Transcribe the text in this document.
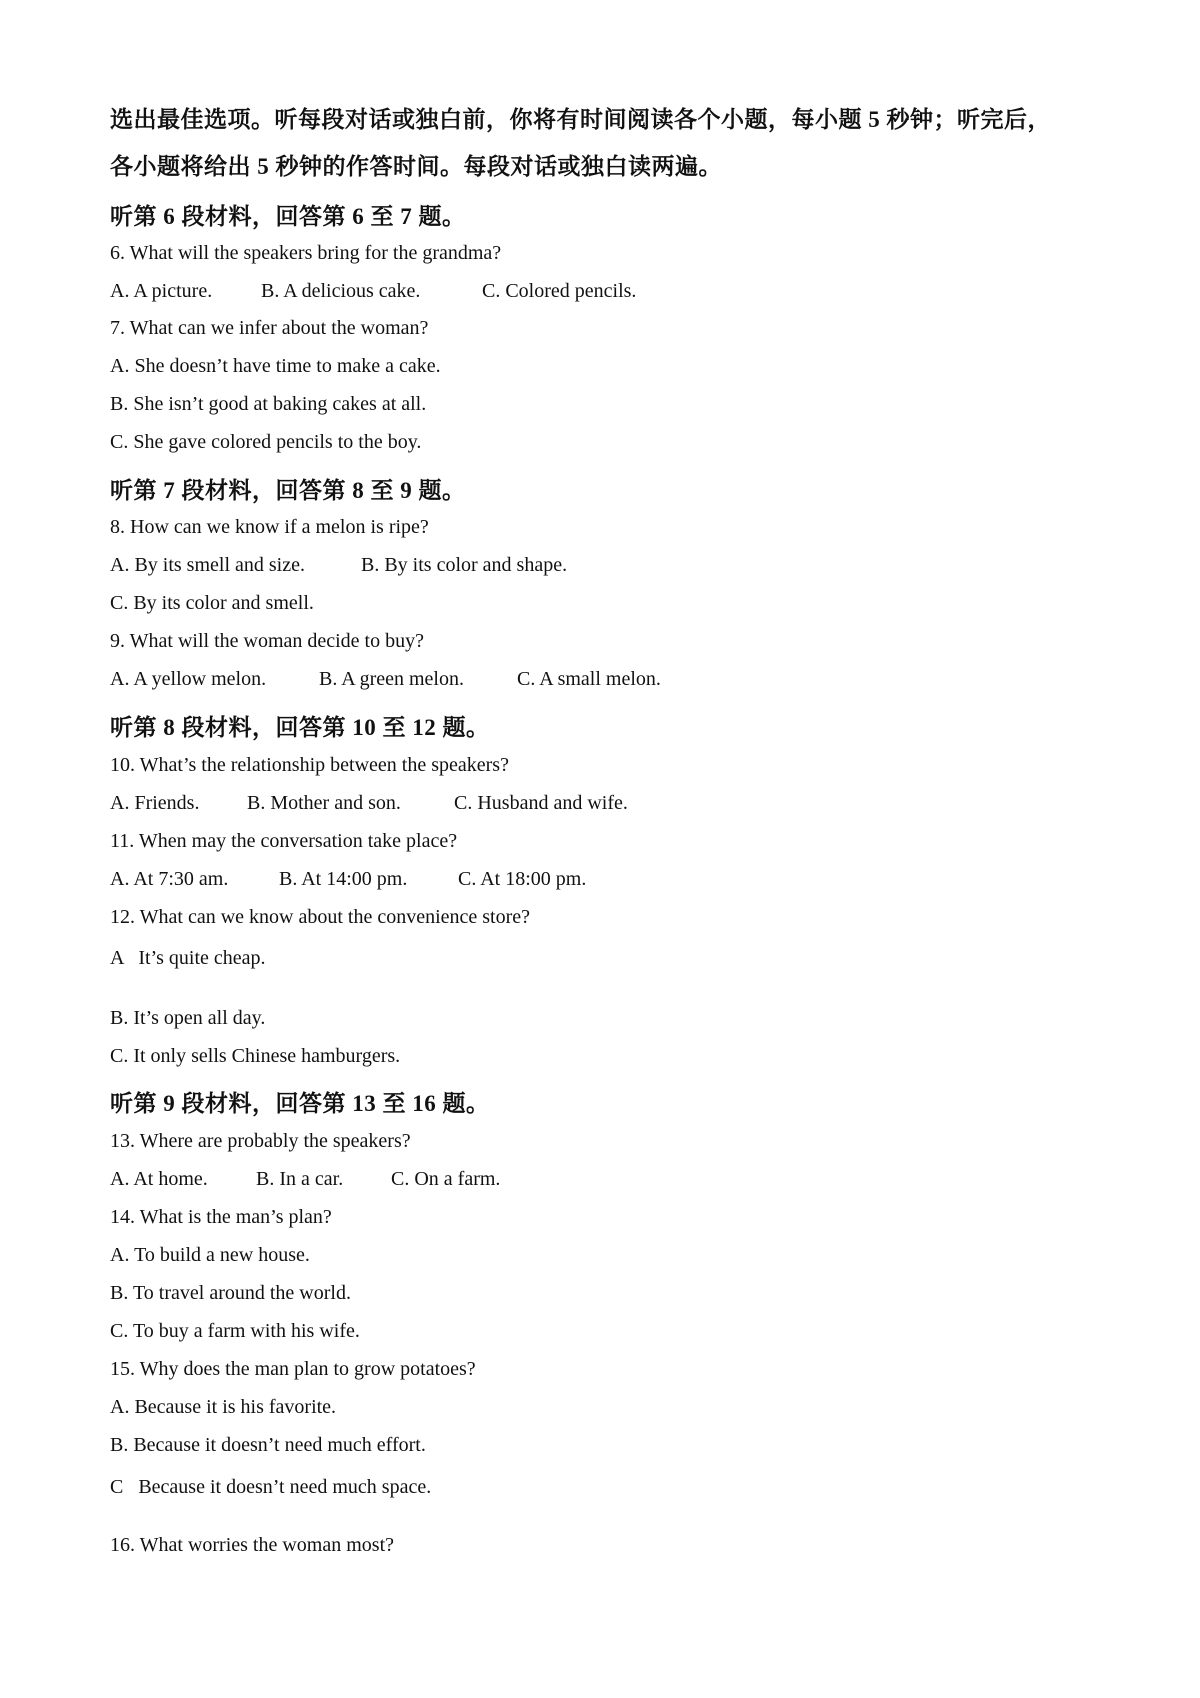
选出最佳选项。听每段对话或独白前，你将有时间阅读各个小题，每小题 5 秒钟；听完后，
各小题将给出 5 秒钟的作答时间。每段对话或独白读两遍。
听第 6 段材料，回答第 6 至 7 题。
6. What will the speakers bring for the grandma?
A. A picture. B. A delicious cake.	C. Colored pencils.
7. What can we infer about the woman?
A. She doesn’t have time to make a cake.
B. She isn’t good at baking cakes at all.
C. She gave colored pencils to the boy.
听第 7 段材料，回答第 8 至 9 题。
8. How can we know if a melon is ripe?
A. By its smell and size.	B. By its color and shape.
C. By its color and smell.
9. What will the woman decide to buy?
A. A yellow melon.	B. A green melon.	C. A small melon.
听第 8 段材料，回答第 10 至 12 题。
10. What’s the relationship between the speakers?
A. Friends. B. Mother and son.	C. Husband and wife.
11. When may the conversation take place?
A. At 7:30 am.	B. At 14:00 pm.	C. At 18:00 pm.
12. What can we know about the convenience store?
A   It’s quite cheap.
B. It’s open all day.
C. It only sells Chinese hamburgers.
听第 9 段材料，回答第 13 至 16 题。
13. Where are probably the speakers?
A. At home. B. In a car. C. On a farm.
14. What is the man’s plan?
A. To build a new house.
B. To travel around the world.
C. To buy a farm with his wife.
15. Why does the man plan to grow potatoes?
A. Because it is his favorite.
B. Because it doesn’t need much effort.
C   Because it doesn’t need much space.
16. What worries the woman most?
